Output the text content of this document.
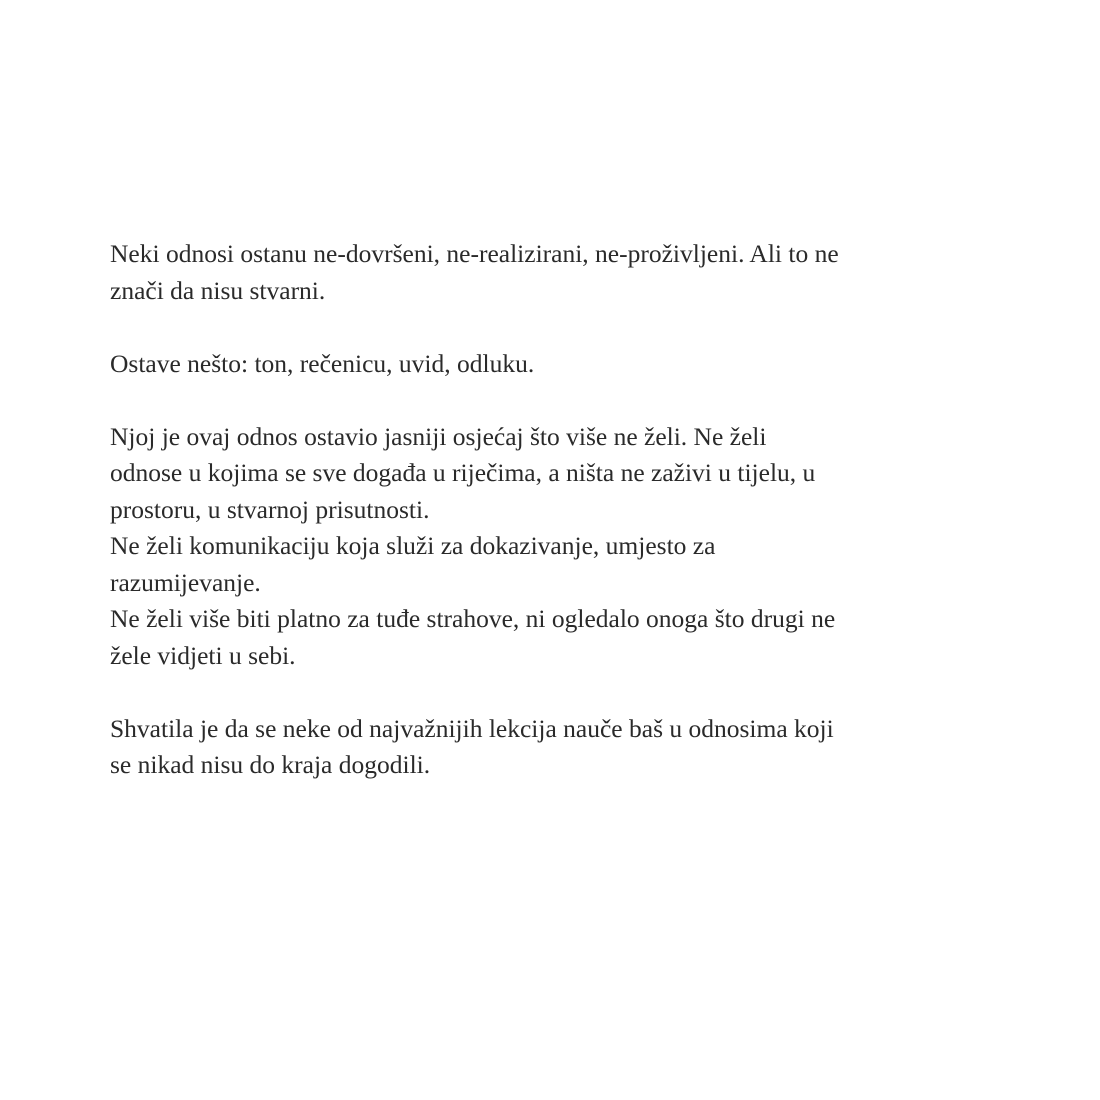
Neki odnosi ostanu ne-dovršeni, ne-realizirani, ne-proživljeni. Ali to ne
znači da nisu stvarni.

Ostave nešto: ton, rečenicu, uvid, odluku.

Njoj je ovaj odnos ostavio jasniji osjećaj što više ne želi. Ne želi
odnose u kojima se sve događa u riječima, a ništa ne zaživi u tijelu, u
prostoru, u stvarnoj prisutnosti.
Ne želi komunikaciju koja služi za dokazivanje, umjesto za
razumijevanje.
Ne želi više biti platno za tuđe strahove, ni ogledalo onoga što drugi ne
žele vidjeti u sebi.

Shvatila je da se neke od najvažnijih lekcija nauče baš u odnosima koji
se nikad nisu do kraja dogodili.
